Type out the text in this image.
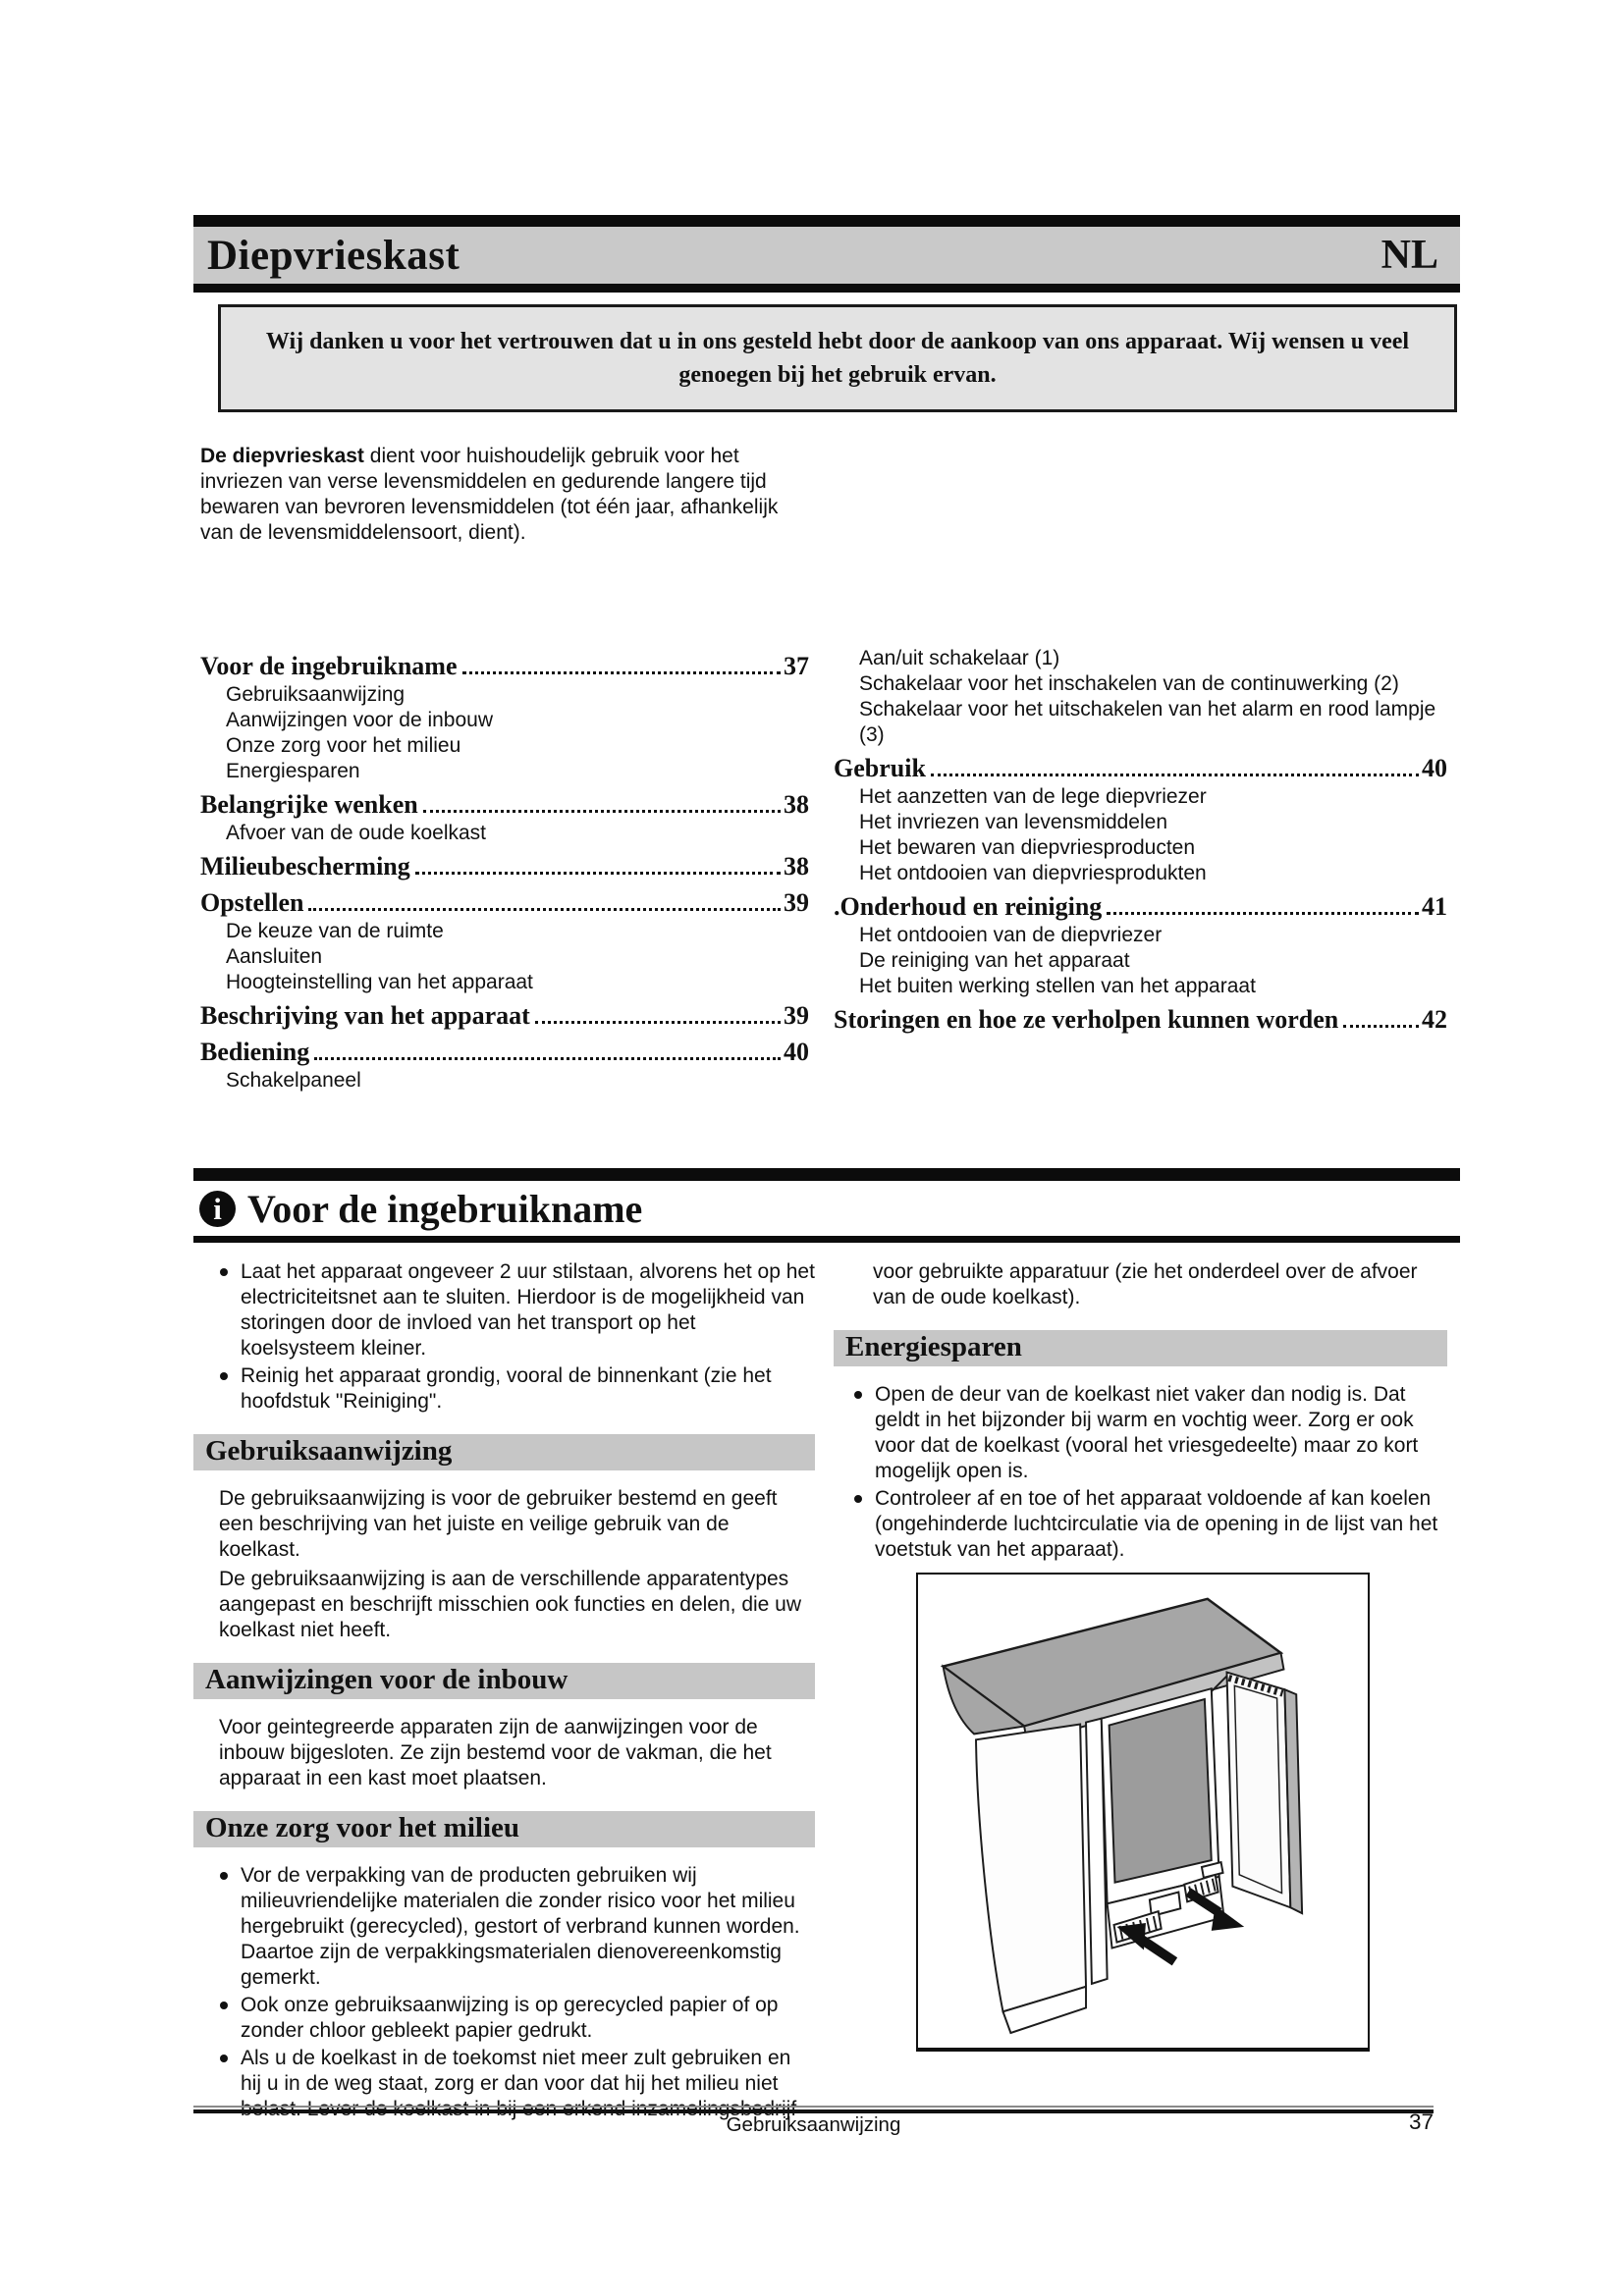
Diepvrieskast	NL
Wij danken u voor het vertrouwen dat u in ons gesteld hebt door de aankoop van ons apparaat. Wij wensen u veel genoegen bij het gebruik ervan.
De diepvrieskast dient voor huishoudelijk gebruik voor het invriezen van verse levensmiddelen en gedurende langere tijd bewaren van bevroren levensmiddelen (tot één jaar, afhankelijk van de levensmiddelensoort, dient).
Voor de ingebruikname	37
Gebruiksaanwijzing
Aanwijzingen voor de inbouw
Onze zorg voor het milieu
Energiesparen
Belangrijke wenken	38
Afvoer van de oude koelkast
Milieubescherming	38
Opstellen	39
De keuze van de ruimte
Aansluiten
Hoogteinstelling van het apparaat
Beschrijving van het apparaat	39
Bediening	40
Schakelpaneel
Aan/uit schakelaar (1)
Schakelaar voor het inschakelen van de continuwerking (2)
Schakelaar voor het uitschakelen van het alarm en rood lampje (3)
Gebruik	40
Het aanzetten van de lege diepvriezer
Het invriezen van levensmiddelen
Het bewaren van diepvriesproducten
Het ontdooien van diepvriesprodukten
.Onderhoud en reiniging	41
Het ontdooien van de diepvriezer
De reiniging van het apparaat
Het buiten werking stellen van het apparaat
Storingen en hoe ze verholpen kunnen worden	42
i Voor de ingebruikname
Laat het apparaat ongeveer 2 uur stilstaan, alvorens het op het electriciteitsnet aan te sluiten. Hierdoor is de mogelijkheid van storingen door de invloed van het transport op het koelsysteem kleiner.
Reinig het apparaat grondig, vooral de binnenkant (zie het hoofdstuk "Reiniging".
Gebruiksaanwijzing
De gebruiksaanwijzing is voor de gebruiker bestemd en geeft een beschrijving van het juiste en veilige gebruik van de koelkast.
De gebruiksaanwijzing is aan de verschillende apparatentypes aangepast en beschrijft misschien ook functies en delen, die uw koelkast niet heeft.
Aanwijzingen voor de inbouw
Voor geintegreerde apparaten zijn de aanwijzingen voor de inbouw bijgesloten. Ze zijn bestemd voor de vakman, die het apparaat in een kast moet plaatsen.
Onze zorg voor het milieu
Vor de verpakking van de producten gebruiken wij milieuvriendelijke materialen die zonder risico voor het milieu hergebruikt (gerecycled), gestort of verbrand kunnen worden. Daartoe zijn de verpakkingsmaterialen dienovereenkomstig gemerkt.
Ook onze gebruiksaanwijzing is op gerecycled papier of op zonder chloor gebleekt papier gedrukt.
Als u de koelkast in de toekomst niet meer zult gebruiken en hij u in de weg staat, zorg er dan voor dat hij het milieu niet belast. Lever de koelkast in bij een erkend inzamelingsbedrijf
voor gebruikte apparatuur (zie het onderdeel over de afvoer van de oude koelkast).
Energiesparen
Open de deur van de koelkast niet vaker dan nodig is. Dat geldt in het bijzonder bij warm en vochtig weer. Zorg er ook voor dat de koelkast (vooral het vriesgedeelte) maar zo kort mogelijk open is.
Controleer af en toe of het apparaat voldoende af kan koelen (ongehinderde luchtcirculatie via de opening in de lijst van het voetstuk van het apparaat).
Gebruiksaanwijzing	37
